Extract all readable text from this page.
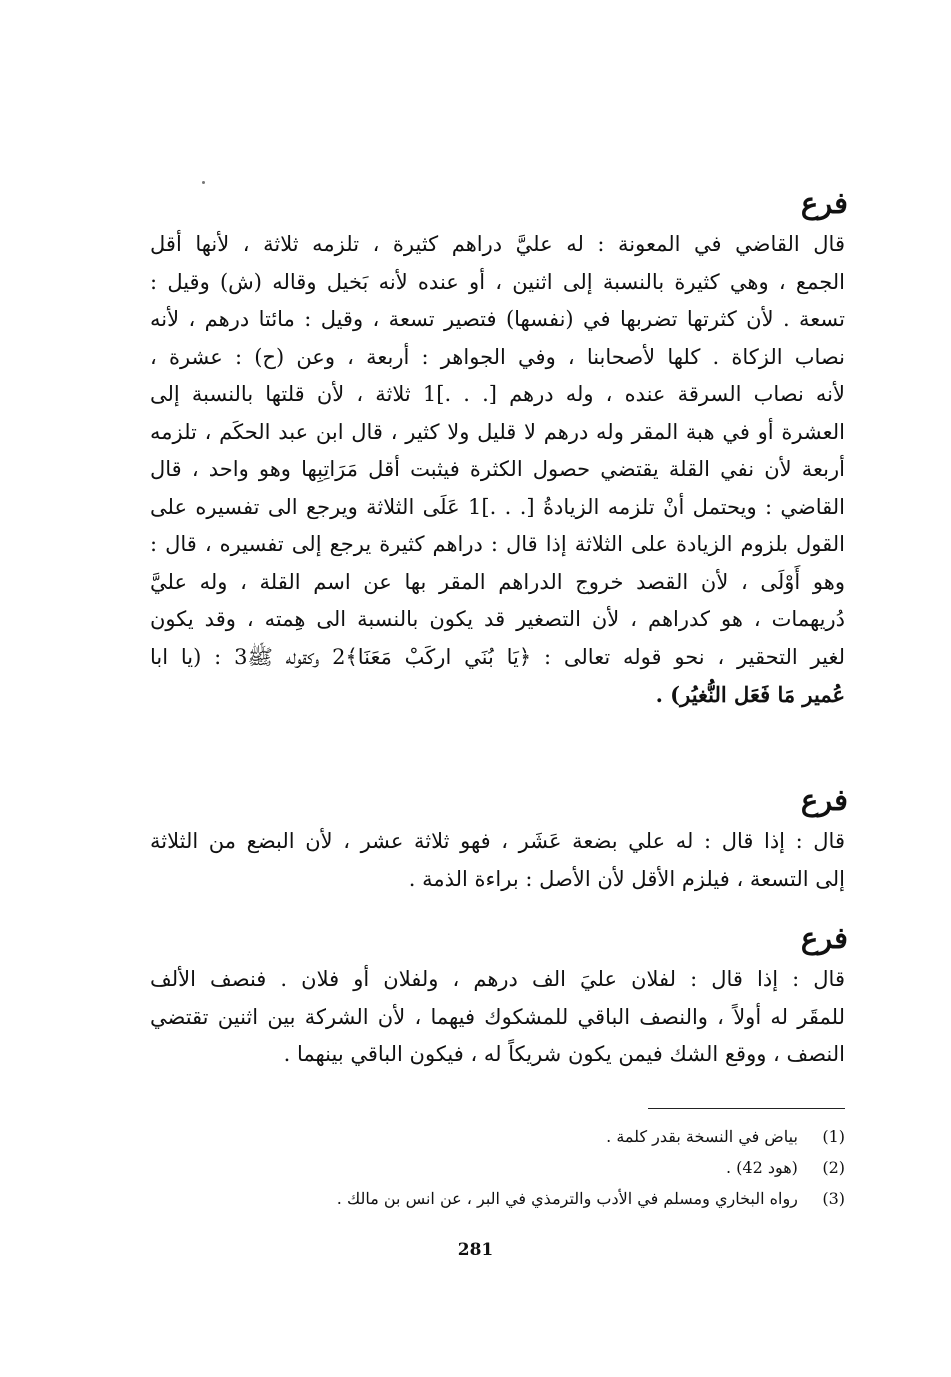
فرع
قال القاضي في المعونة : له عليَّ دراهم كثيرة ، تلزمه ثلاثة ، لأنها أقل
الجمع ، وهي كثيرة بالنسبة إلى اثنين ، أو عنده لأنه بَخيل وقاله (ش) وقيل :
تسعة . لأن كثرتها تضربها في (نفسها) فتصير تسعة ، وقيل : مائتا درهم ، لأنه
نصاب الزكاة . كلها لأصحابنا ، وفي الجواهر : أربعة ، وعن (ح) : عشرة ،
لأنه نصاب السرقة عنده ، وله درهم [. . .]1 ثلاثة ، لأن قلتها بالنسبة إلى
العشرة أو في هبة المقر وله درهم لا قليل ولا كثير ، قال ابن عبد الحكَم ، تلزمه
أربعة لأن نفي القلة يقتضي حصول الكثرة فيثبت أقل مَرَاتِبِها وهو واحد ، قال
القاضي : ويحتمل أنْ تلزمه الزيادةُ [. . .]1 عَلَى الثلاثة ويرجع الى تفسيره على
القول بلزوم الزيادة على الثلاثة إذا قال : دراهم كثيرة يرجع إلى تفسيره ، قال :
وهو أَوْلَى ، لأن القصد خروج الدراهم المقر بها عن اسم القلة ، وله عليَّ
دُريهمات ، هو كدراهم ، لأن التصغير قد يكون بالنسبة الى هِمته ، وقد يكون
لغير التحقير ، نحو قوله تعالى : ﴿يَا بُنَي اركَبْ مَعَنَا﴾2 وكقوله ﷺ3 : (يا ابا
عُمير مَا فَعَل النُّغيُر) .
فرع
قال : إذا قال : له علي بضعة عَشَر ، فهو ثلاثة عشر ، لأن البضع من الثلاثة
إلى التسعة ، فيلزم الأقل لأن الأصل : براءة الذمة .
فرع
قال : إذا قال : لفلان عليَ الف درهم ، ولفلان أو فلان . فنصف الألف
للمقَر له أولاً ، والنصف الباقي للمشكوك فيهما ، لأن الشركة بين اثنين تقتضي
النصف ، ووقع الشك فيمن يكون شريكاً له ، فيكون الباقي بينهما .
(1) بياض في النسخة بقدر كلمة .
(2) (هود 42) .
(3) رواه البخاري ومسلم في الأدب والترمذي في البر ، عن انس بن مالك .
281
